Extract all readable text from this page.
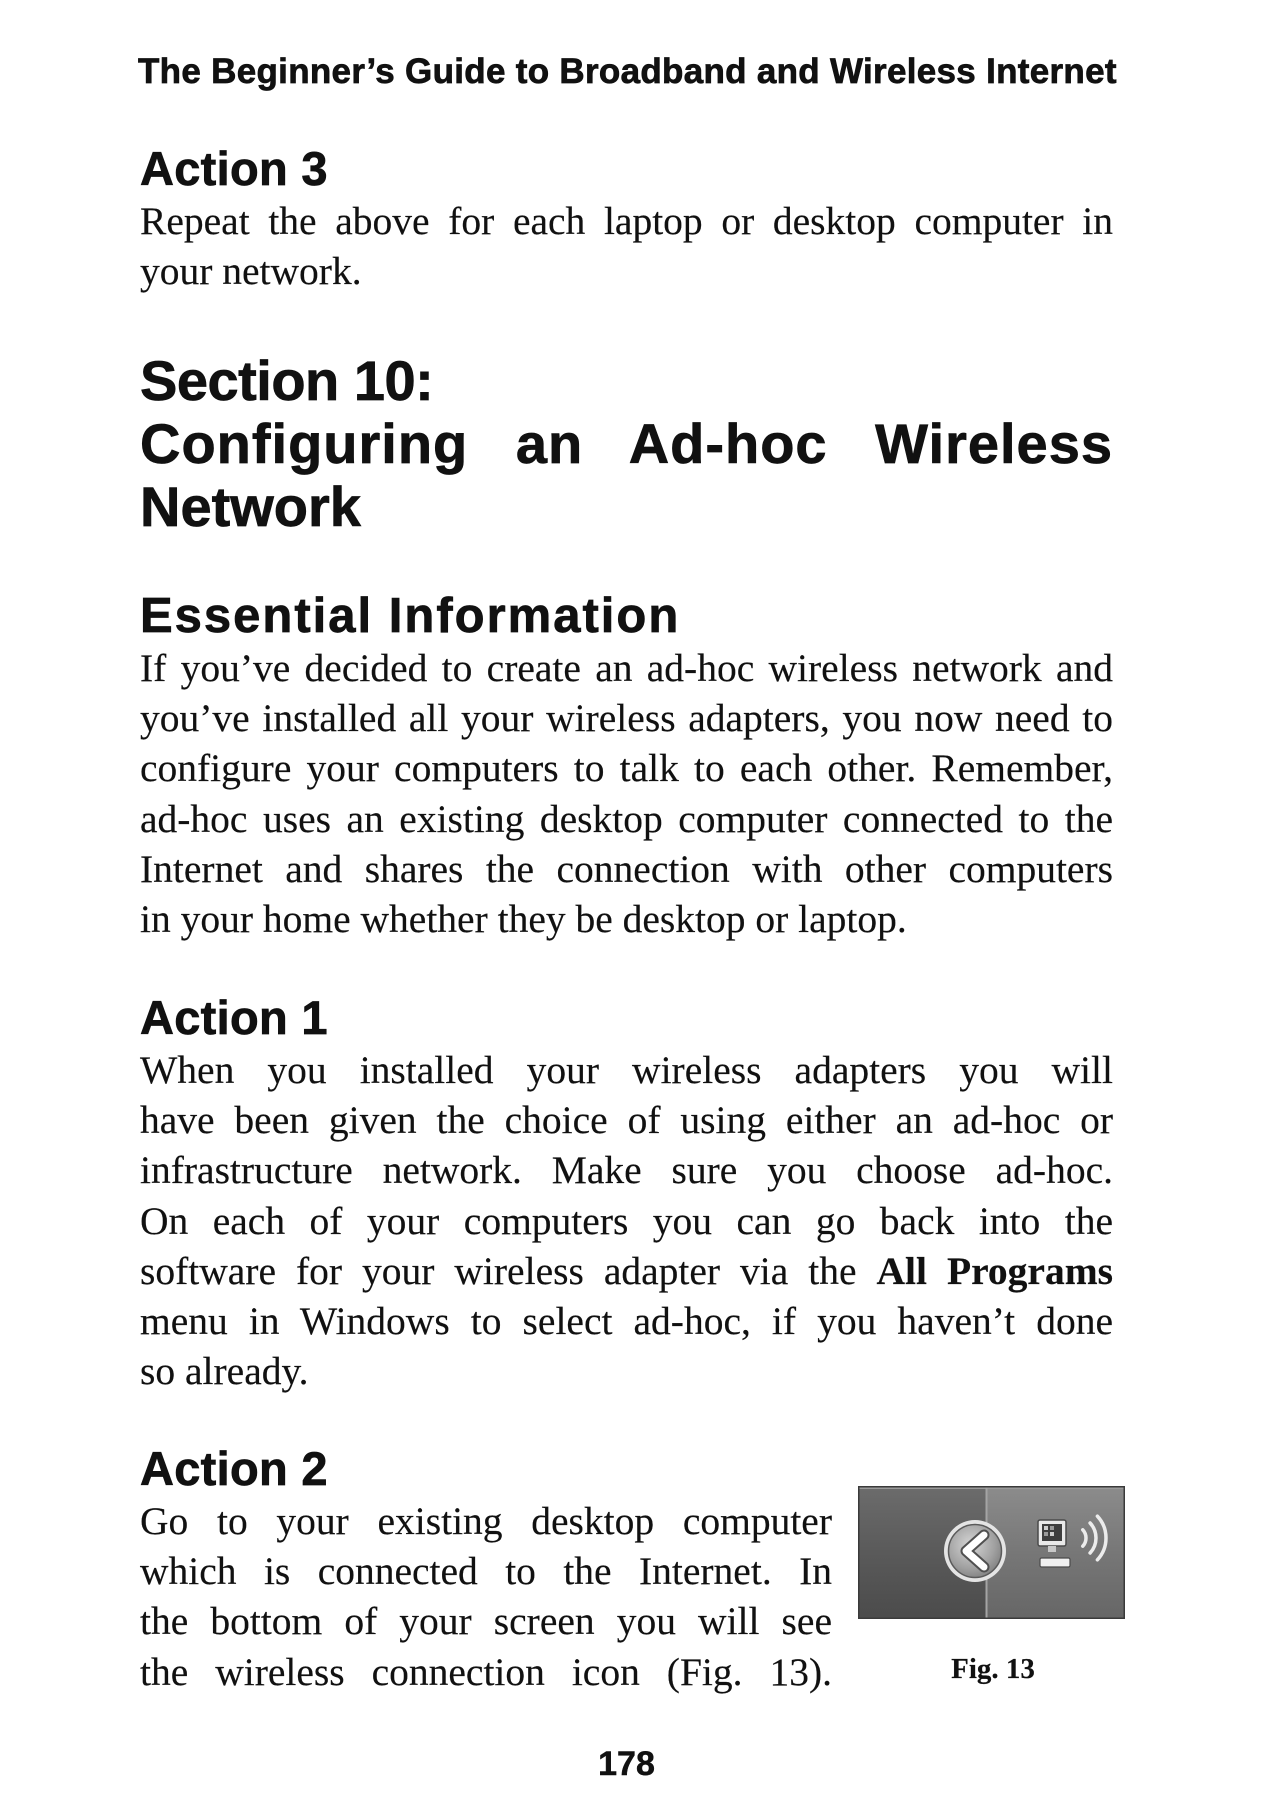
The Beginner’s Guide to Broadband and Wireless Internet
Action 3
Repeat the above for each laptop or desktop computer in
your network.
Section 10:
Configuring an Ad-hoc Wireless
Network
Essential Information
If you’ve decided to create an ad-hoc wireless network and
you’ve installed all your wireless adapters, you now need to
configure your computers to talk to each other. Remember,
ad-hoc uses an existing desktop computer connected to the
Internet and shares the connection with other computers
in your home whether they be desktop or laptop.
Action 1
When you installed your wireless adapters you will
have been given the choice of using either an ad-hoc or
infrastructure network. Make sure you choose ad-hoc.
On each of your computers you can go back into the
software for your wireless adapter via the All Programs
menu in Windows to select ad-hoc, if you haven’t done
so already.
Action 2
Go to your existing desktop computer
which is connected to the Internet. In
the bottom of your screen you will see
the wireless connection icon (Fig. 13).	Fig. 13
178
